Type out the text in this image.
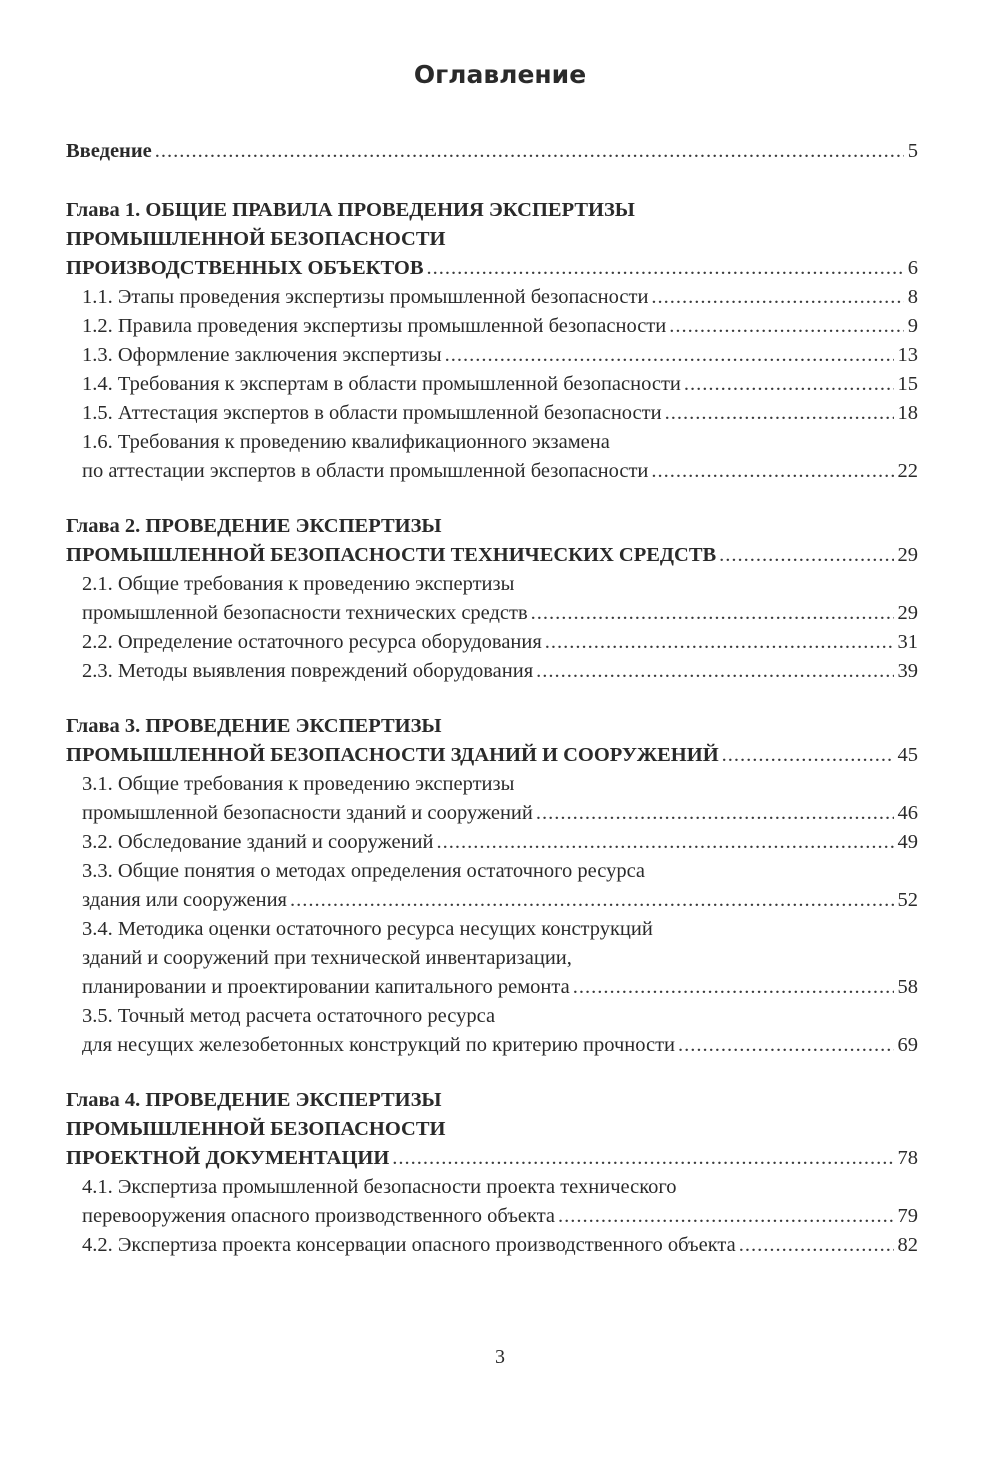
Оглавление
Введение .....	5
Глава 1. ОБЩИЕ ПРАВИЛА ПРОВЕДЕНИЯ ЭКСПЕРТИЗЫ
ПРОМЫШЛЕННОЙ БЕЗОПАСНОСТИ
ПРОИЗВОДСТВЕННЫХ ОБЪЕКТОВ .....	6
1.1. Этапы проведения экспертизы промышленной безопасности .....	8
1.2. Правила проведения экспертизы промышленной безопасности .....	9
1.3. Оформление заключения экспертизы .....	13
1.4. Требования к экспертам в области промышленной безопасности .....	15
1.5. Аттестация экспертов в области промышленной безопасности .....	18
1.6. Требования к проведению квалификационного экзамена
по аттестации экспертов в области промышленной безопасности .....	22
Глава 2. ПРОВЕДЕНИЕ ЭКСПЕРТИЗЫ
ПРОМЫШЛЕННОЙ БЕЗОПАСНОСТИ ТЕХНИЧЕСКИХ СРЕДСТВ .....	29
2.1. Общие требования к проведению экспертизы
промышленной безопасности технических средств .....	29
2.2. Определение остаточного ресурса оборудования .....	31
2.3. Методы выявления повреждений оборудования .....	39
Глава 3. ПРОВЕДЕНИЕ ЭКСПЕРТИЗЫ
ПРОМЫШЛЕННОЙ БЕЗОПАСНОСТИ ЗДАНИЙ И СООРУЖЕНИЙ .....	45
3.1. Общие требования к проведению экспертизы
промышленной безопасности зданий и сооружений .....	46
3.2. Обследование зданий и сооружений .....	49
3.3. Общие понятия о методах определения остаточного ресурса
здания или сооружения .....	52
3.4. Методика оценки остаточного ресурса несущих конструкций
зданий и сооружений при технической инвентаризации,
планировании и проектировании капитального ремонта .....	58
3.5. Точный метод расчета остаточного ресурса
для несущих железобетонных конструкций по критерию прочности .....	69
Глава 4. ПРОВЕДЕНИЕ ЭКСПЕРТИЗЫ
ПРОМЫШЛЕННОЙ БЕЗОПАСНОСТИ
ПРОЕКТНОЙ ДОКУМЕНТАЦИИ .....	78
4.1. Экспертиза промышленной безопасности проекта технического
перевооружения опасного производственного объекта .....	79
4.2. Экспертиза проекта консервации опасного производственного объекта .....	82
3
